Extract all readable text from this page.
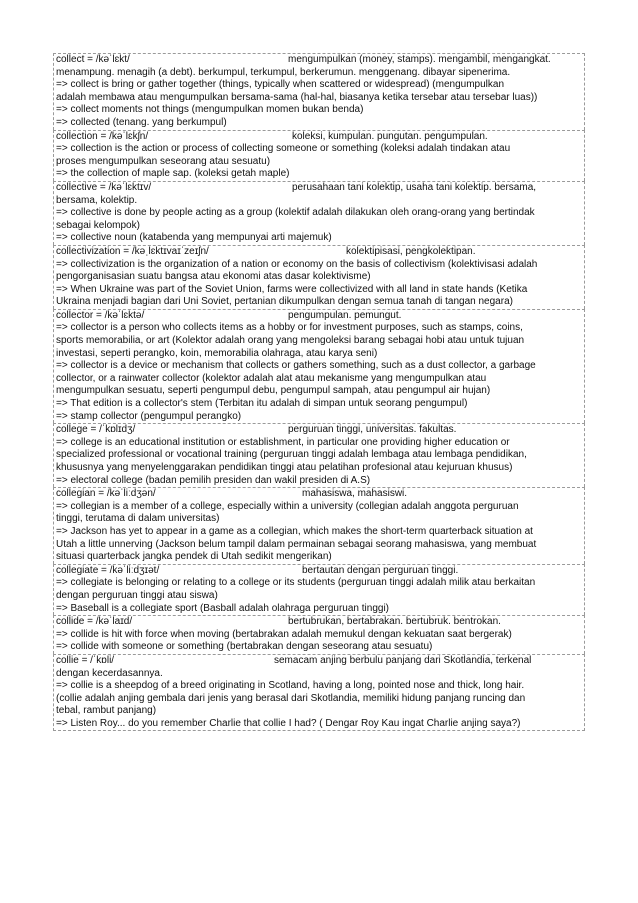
collect = /kəˈlɛkt/	mengumpulkan (money, stamps). mengambil, mengangkat.
menampung. menagih (a debt). berkumpul, terkumpul, berkerumun. menggenang. dibayar sipenerima.
=> collect is bring or gather together (things, typically when scattered or widespread) (mengumpulkan
adalah membawa atau mengumpulkan bersama-sama (hal-hal, biasanya ketika tersebar atau tersebar luas))
=> collect moments not things (mengumpulkan momen bukan benda)
=> collected (tenang. yang berkumpul)
collection = /kəˈlɛkʃn/	koleksi, kumpulan. pungutan. pengumpulan.
=> collection is the action or process of collecting someone or something (koleksi adalah tindakan atau
proses mengumpulkan seseorang atau sesuatu)
=> the collection of maple sap. (koleksi getah maple)
collective = /kəˈlɛktɪv/	perusahaan tani kolektip, usaha tani kolektip. bersama,
bersama, kolektip.
=> collective is done by people acting as a group (kolektif adalah dilakukan oleh orang-orang yang bertindak
sebagai kelompok)
=> collective noun (katabenda yang mempunyai arti majemuk)
collectivization = /kəˌlɛktɪvaɪˈzeɪʃn/	kolektipisasi, pengkolektipan.
=> collectivization is the organization of a nation or economy on the basis of collectivism (kolektivisasi adalah
pengorganisasian suatu bangsa atau ekonomi atas dasar kolektivisme)
=> When Ukraine was part of the Soviet Union, farms were collectivized with all land in state hands (Ketika
Ukraina menjadi bagian dari Uni Soviet, pertanian dikumpulkan dengan semua tanah di tangan negara)
collector = /kəˈlɛktə/	pengumpulan. pemungut.
=> collector is a person who collects items as a hobby or for investment purposes, such as stamps, coins,
sports memorabilia, or art (Kolektor adalah orang yang mengoleksi barang sebagai hobi atau untuk tujuan
investasi, seperti perangko, koin, memorabilia olahraga, atau karya seni)
=> collector is a device or mechanism that collects or gathers something, such as a dust collector, a garbage
collector, or a rainwater collector (kolektor adalah alat atau mekanisme yang mengumpulkan atau
mengumpulkan sesuatu, seperti pengumpul debu, pengumpul sampah, atau pengumpul air hujan)
=> That edition is a collector's stem (Terbitan itu adalah di simpan untuk seorang pengumpul)
=> stamp collector (pengumpul perangko)
college = /ˈkɒlɪdʒ/	perguruan tinggi, universitas. fakultas.
=> college is an educational institution or establishment, in particular one providing higher education or
specialized professional or vocational training (perguruan tinggi adalah lembaga atau lembaga pendidikan,
khususnya yang menyelenggarakan pendidikan tinggi atau pelatihan profesional atau kejuruan khusus)
=> electoral college (badan pemilih presiden dan wakil presiden di A.S)
collegian = /kəˈliːdʒən/	mahasiswa, mahasiswi.
=> collegian is a member of a college, especially within a university (collegian adalah anggota perguruan
tinggi, terutama di dalam universitas)
=> Jackson has yet to appear in a game as a collegian, which makes the short-term quarterback situation at
Utah a little unnerving (Jackson belum tampil dalam permainan sebagai seorang mahasiswa, yang membuat
situasi quarterback jangka pendek di Utah sedikit mengerikan)
collegiate = /kəˈliːdʒɪət/	bertautan dengan perguruan tinggi.
=> collegiate is belonging or relating to a college or its students (perguruan tinggi adalah milik atau berkaitan
dengan perguruan tinggi atau siswa)
=> Baseball is a collegiate sport (Basball adalah olahraga perguruan tinggi)
collide = /kəˈlaɪd/	bertubrukan, bertabrakan. bertubruk. bentrokan.
=> collide is hit with force when moving (bertabrakan adalah memukul dengan kekuatan saat bergerak)
=> collide with someone or something (bertabrakan dengan seseorang atau sesuatu)
collie = /ˈkɒli/	semacam anjing berbulu panjang dari Skotlandia, terkenal
dengan kecerdasannya.
=> collie is a sheepdog of a breed originating in Scotland, having a long, pointed nose and thick, long hair.
(collie adalah anjing gembala dari jenis yang berasal dari Skotlandia, memiliki hidung panjang runcing dan
tebal, rambut panjang)
=> Listen Roy... do you remember Charlie that collie I had? ( Dengar Roy Kau ingat Charlie anjing saya?)
